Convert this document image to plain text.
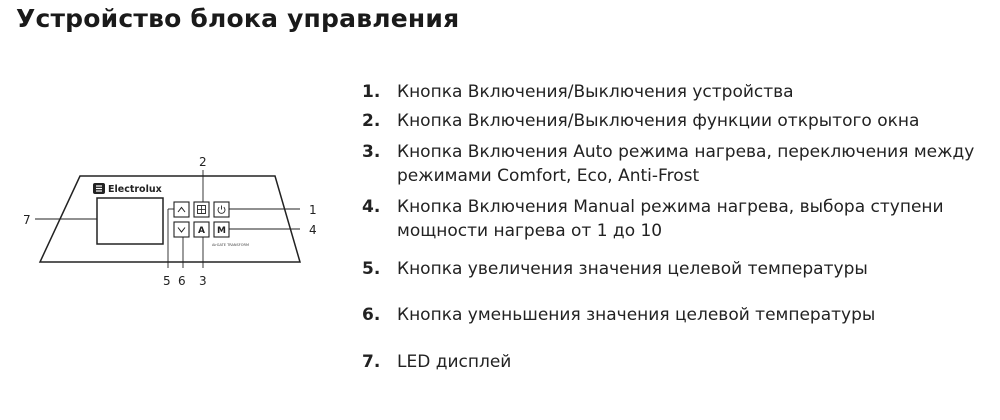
Устройство блока управления
Electrolux
A M
AirGATE TRANSFORM
1
2
3
4
5 6
7
1. Кнопка Включения/Выключения устройства
2. Кнопка Включения/Выключения функции открытого окна
3. Кнопка Включения Auto режима нагрева, переключения между режимами Comfort, Eco, Anti-Frost
4. Кнопка Включения Manual режима нагрева, выбора ступени мощности нагрева от 1 до 10
5. Кнопка увеличения значения целевой температуры
6. Кнопка уменьшения значения целевой температуры
7. LED дисплей
